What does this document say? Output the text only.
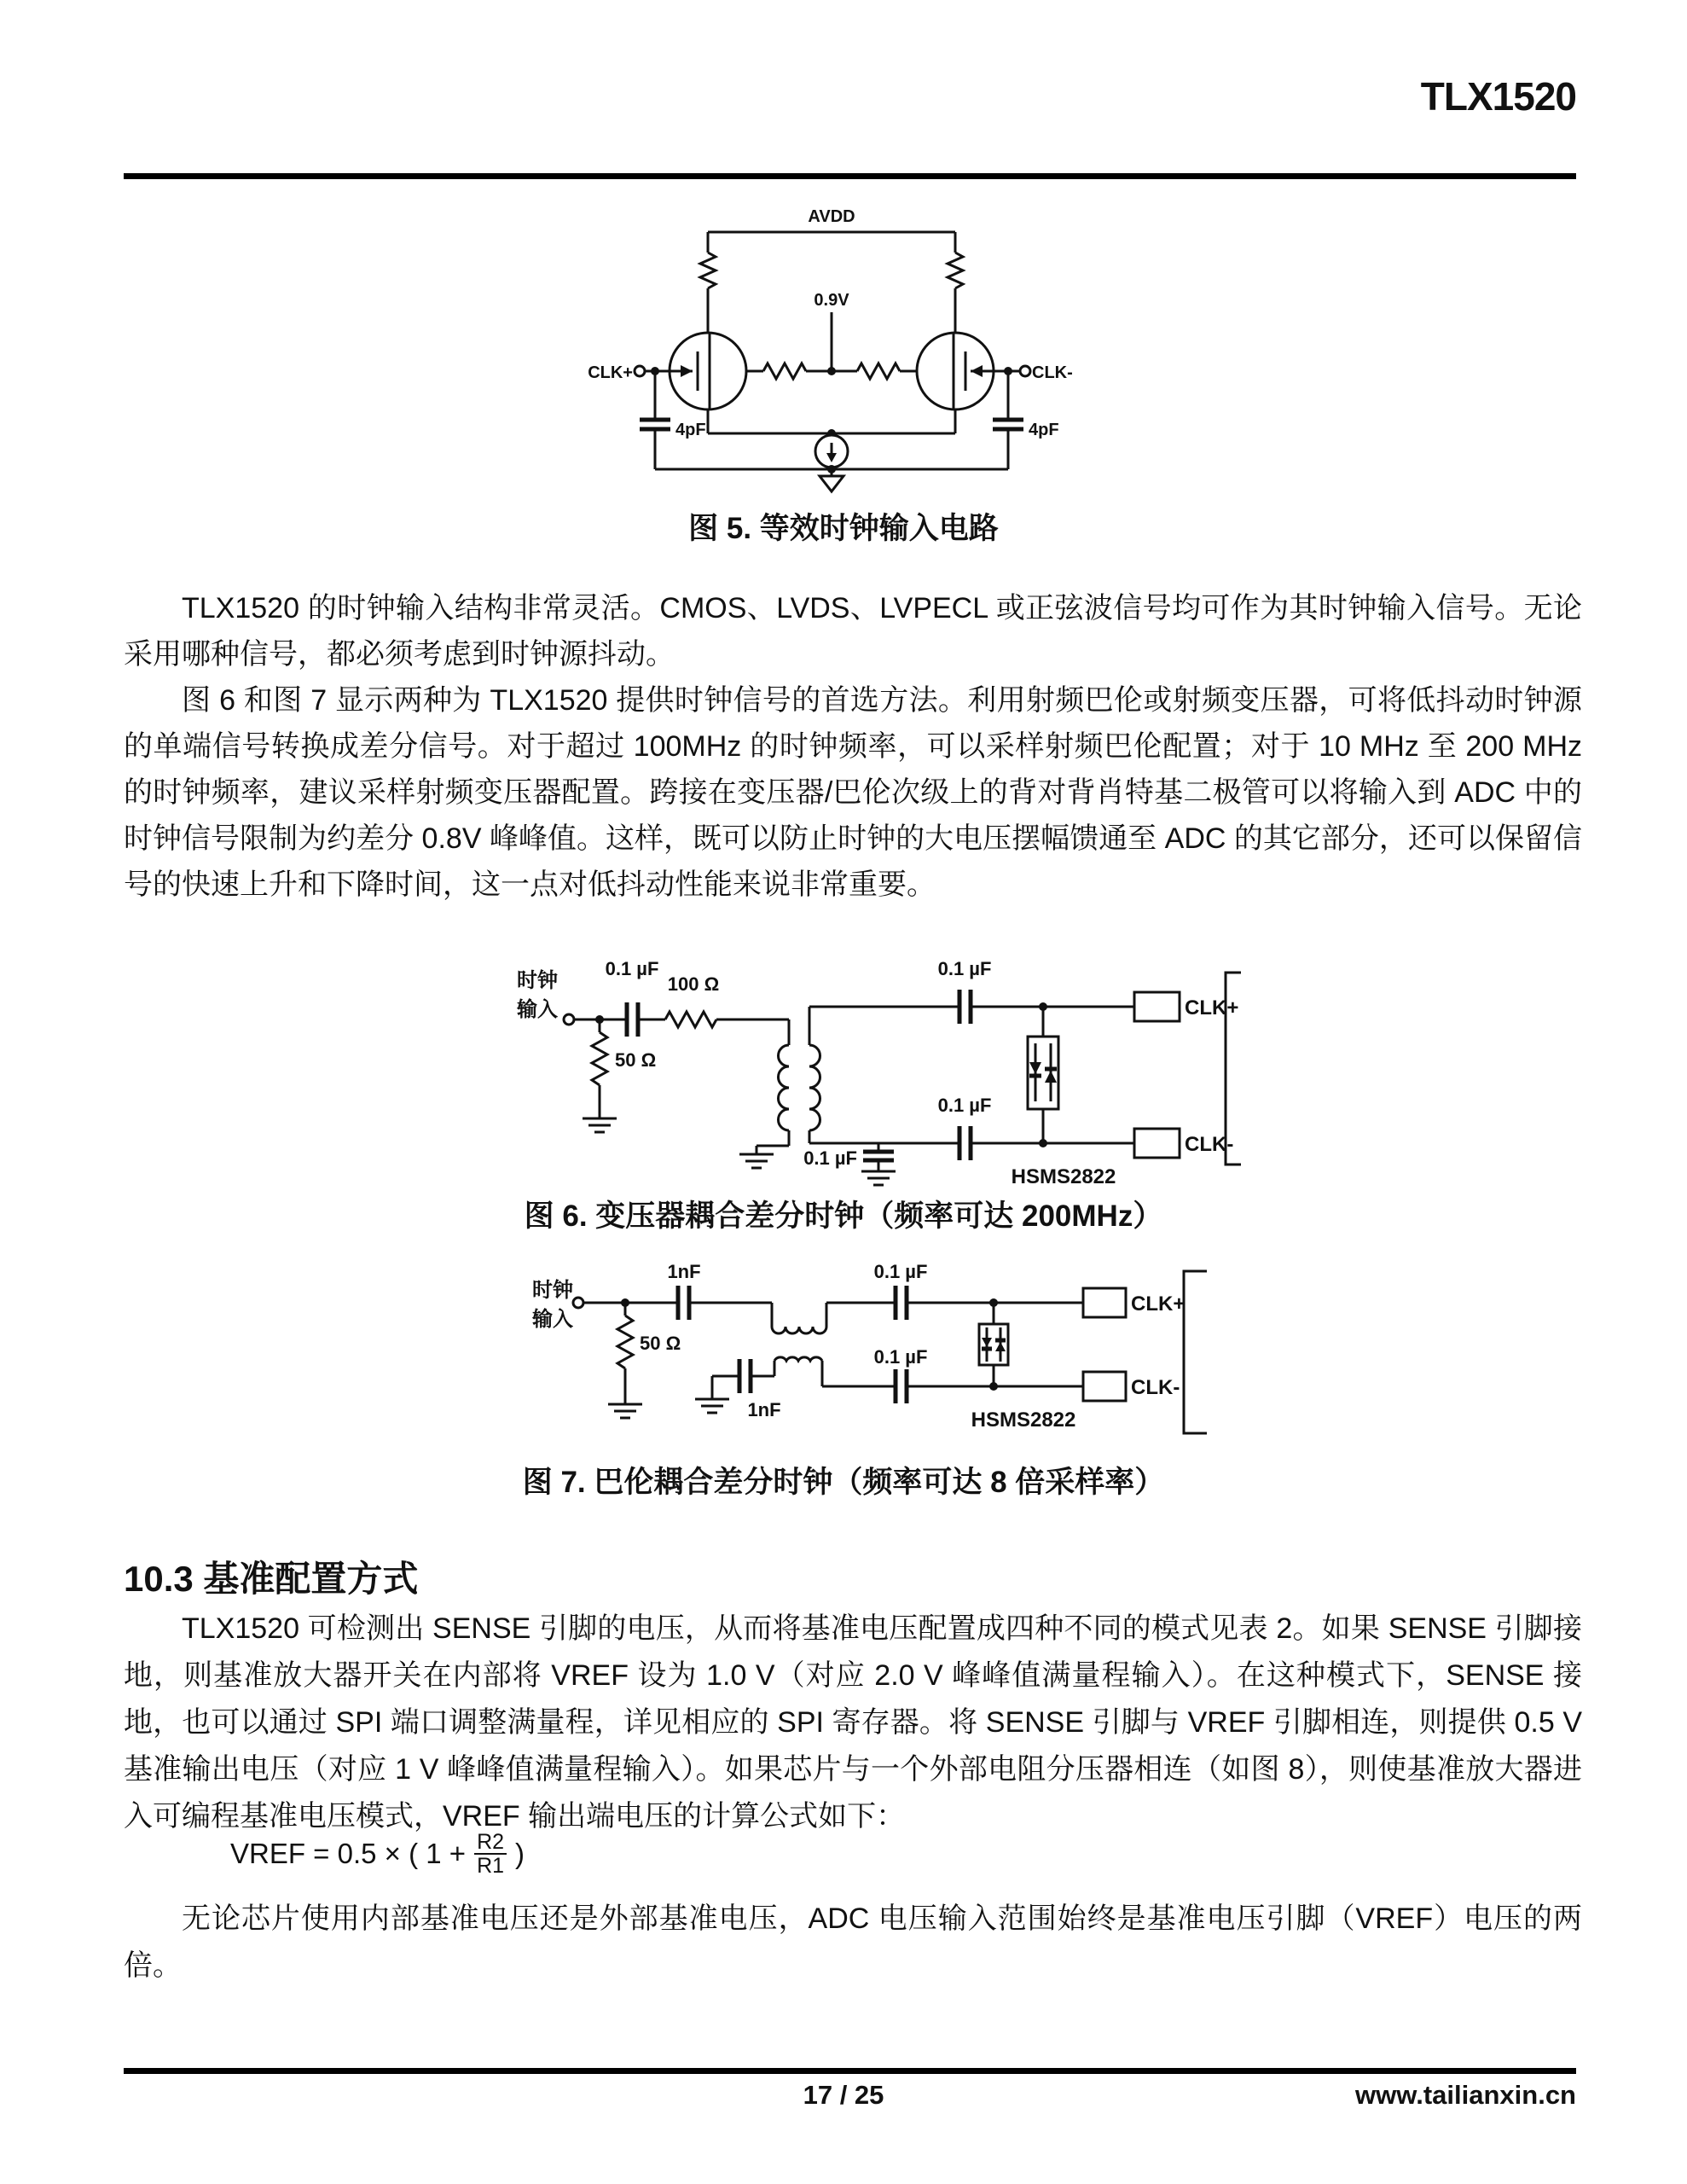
TLX1520
AVDD
0.9V
CLK+	CLK-
4pF	4pF
图 5. 等效时钟输入电路

TLX1520 的时钟输入结构非常灵活。CMOS、LVDS、LVPECL 或正弦波信号均可作为其时钟输入信号。无论采用哪种信号，都必须考虑到时钟源抖动。

图 6 和图 7 显示两种为 TLX1520 提供时钟信号的首选方法。利用射频巴伦或射频变压器，可将低抖动时钟源的单端信号转换成差分信号。对于超过 100MHz 的时钟频率，可以采样射频巴伦配置；对于 10 MHz 至 200 MHz 的时钟频率，建议采样射频变压器配置。跨接在变压器/巴伦次级上的背对背肖特基二极管可以将输入到 ADC 中的时钟信号限制为约差分 0.8V 峰峰值。这样，既可以防止时钟的大电压摆幅馈通至 ADC 的其它部分，还可以保留信号的快速上升和下降时间，这一点对低抖动性能来说非常重要。

时钟
输入
50 Ω
0.1 µF
100 Ω
0.1 µF
0.1 µF
0.1 µF
HSMS2822
CLK+
CLK-
图 6. 变压器耦合差分时钟（频率可达 200MHz）
时钟
输入
50 Ω
1nF
1nF
0.1 µF
0.1 µF
HSMS2822
CLK+
CLK-
图 7. 巴伦耦合差分时钟（频率可达 8 倍采样率）
10.3 基准配置方式

TLX1520 可检测出 SENSE 引脚的电压，从而将基准电压配置成四种不同的模式见表 2。如果 SENSE 引脚接地，则基准放大器开关在内部将 VREF 设为 1.0 V（对应 2.0 V 峰峰值满量程输入）。在这种模式下，SENSE 接地，也可以通过 SPI 端口调整满量程，详见相应的 SPI 寄存器。将 SENSE 引脚与 VREF 引脚相连，则提供 0.5 V 基准输出电压（对应 1 V 峰峰值满量程输入）。如果芯片与一个外部电阻分压器相连（如图 8），则使基准放大器进入可编程基准电压模式，VREF 输出端电压的计算公式如下：

VREF = 0.5 × ( $1 + \frac{R2}{R1}$ )

无论芯片使用内部基准电压还是外部基准电压，ADC 电压输入范围始终是基准电压引脚（VREF）电压的两倍。

17 / 25	www.tailianxin.cn
